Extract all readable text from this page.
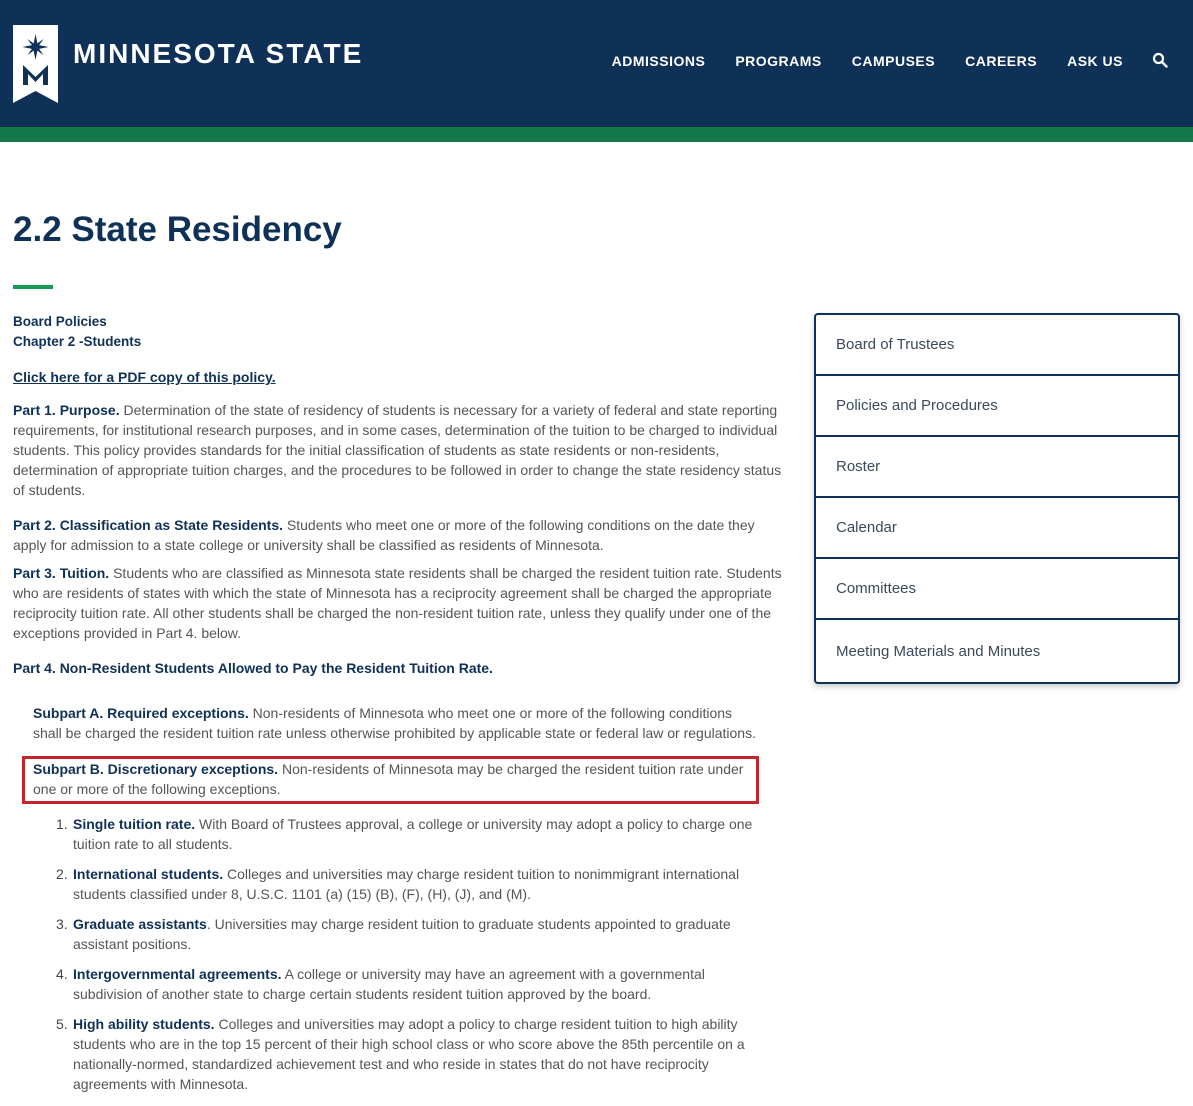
MINNESOTA STATE	ADMISSIONS PROGRAMS CAMPUSES CAREERS ASK US
2.2 State Residency

Board Policies

Chapter 2 -Students

Click here for a PDF copy of this policy.

Part 1. Purpose. Determination of the state of residency of students is necessary for a variety of federal and state reporting requirements, for institutional research purposes, and in some cases, determination of the tuition to be charged to individual students. This policy provides standards for the initial classification of students as state residents or non-residents, determination of appropriate tuition charges, and the procedures to be followed in order to change the state residency status of students.

Part 2. Classification as State Residents. Students who meet one or more of the following conditions on the date they apply for admission to a state college or university shall be classified as residents of Minnesota.

Part 3. Tuition. Students who are classified as Minnesota state residents shall be charged the resident tuition rate. Students who are residents of states with which the state of Minnesota has a reciprocity agreement shall be charged the appropriate reciprocity tuition rate. All other students shall be charged the non-resident tuition rate, unless they qualify under one of the exceptions provided in Part 4. below.

Part 4. Non-Resident Students Allowed to Pay the Resident Tuition Rate.

Subpart A. Required exceptions. Non-residents of Minnesota who meet one or more of the following conditions shall be charged the resident tuition rate unless otherwise prohibited by applicable state or federal law or regulations.

Subpart B. Discretionary exceptions. Non-residents of Minnesota may be charged the resident tuition rate under one or more of the following exceptions.

1. Single tuition rate. With Board of Trustees approval, a college or university may adopt a policy to charge one tuition rate to all students.
2. International students. Colleges and universities may charge resident tuition to nonimmigrant international students classified under 8, U.S.C. 1101 (a) (15) (B), (F), (H), (J), and (M).
3. Graduate assistants. Universities may charge resident tuition to graduate students appointed to graduate assistant positions.
4. Intergovernmental agreements. A college or university may have an agreement with a governmental subdivision of another state to charge certain students resident tuition approved by the board.
5. High ability students. Colleges and universities may adopt a policy to charge resident tuition to high ability students who are in the top 15 percent of their high school class or who score above the 85th percentile on a nationally-normed, standardized achievement test and who reside in states that do not have reciprocity agreements with Minnesota.
Board of Trustees
Policies and Procedures
Roster
Calendar
Committees
Meeting Materials and Minutes
